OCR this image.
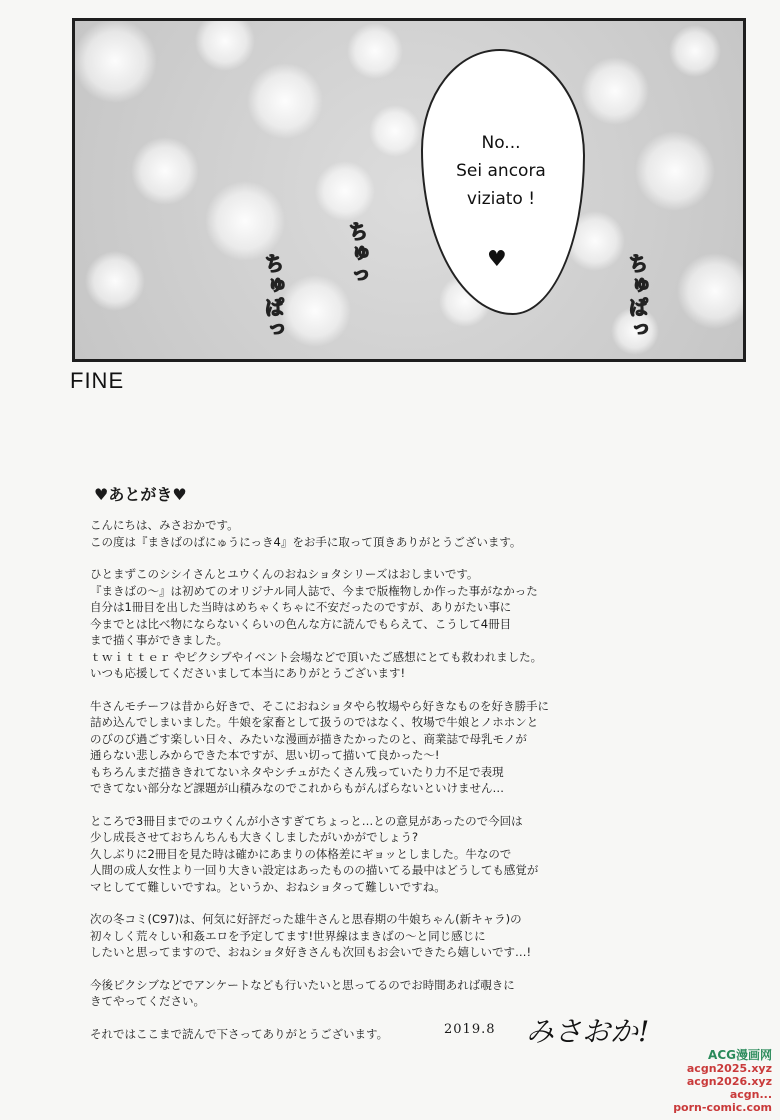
No...
Sei ancora
viziato !
♥
ちゅっ
ちゅぱっ	ちゅぱっ
FINE
♥あとがき♥
こんにちは、みさおかです。
この度は『まきばのぱにゅうにっき4』をお手に取って頂きありがとうございます。
ひとまずこのシシイさんとユウくんのおねショタシリーズはおしまいです。
『まきばの～』は初めてのオリジナル同人誌で、今まで版権物しか作った事がなかった
自分は1冊目を出した当時はめちゃくちゃに不安だったのですが、ありがたい事に
今までとは比べ物にならないくらいの色んな方に読んでもらえて、こうして4冊目
まで描く事ができました。
ｔｗｉｔｔｅｒ やピクシブやイベント会場などで頂いたご感想にとても救われました。
いつも応援してくださいまして本当にありがとうございます!
牛さんモチーフは昔から好きで、そこにおねショタやら牧場やら好きなものを好き勝手に
詰め込んでしまいました。牛娘を家畜として扱うのではなく、牧場で牛娘とノホホンと
のびのび過ごす楽しい日々、みたいな漫画が描きたかったのと、商業誌で母乳モノが
通らない悲しみからできた本ですが、思い切って描いて良かった～!
もちろんまだ描ききれてないネタやシチュがたくさん残っていたり力不足で表現
できてない部分など課題が山積みなのでこれからもがんばらないといけません…
ところで3冊目までのユウくんが小さすぎてちょっと…との意見があったので今回は
少し成長させておちんちんも大きくしましたがいかがでしょう?
久しぶりに2冊目を見た時は確かにあまりの体格差にギョッとしました。牛なので
人間の成人女性より一回り大きい設定はあったものの描いてる最中はどうしても感覚が
マヒしてて難しいですね。というか、おねショタって難しいですね。
次の冬コミ(C97)は、何気に好評だった雄牛さんと思春期の牛娘ちゃん(新キャラ)の
初々しく荒々しい和姦エロを予定してます!世界線はまきばの～と同じ感じに
したいと思ってますので、おねショタ好きさんも次回もお会いできたら嬉しいです…!
今後ピクシブなどでアンケートなども行いたいと思ってるのでお時間あれば覗きに
きてやってください。
それではここまで読んで下さってありがとうございます。	2019.8 みさおか!
ACG漫画网
acgn2025.xyz
acgn2026.xyz
acgn...
porn-comic.com
